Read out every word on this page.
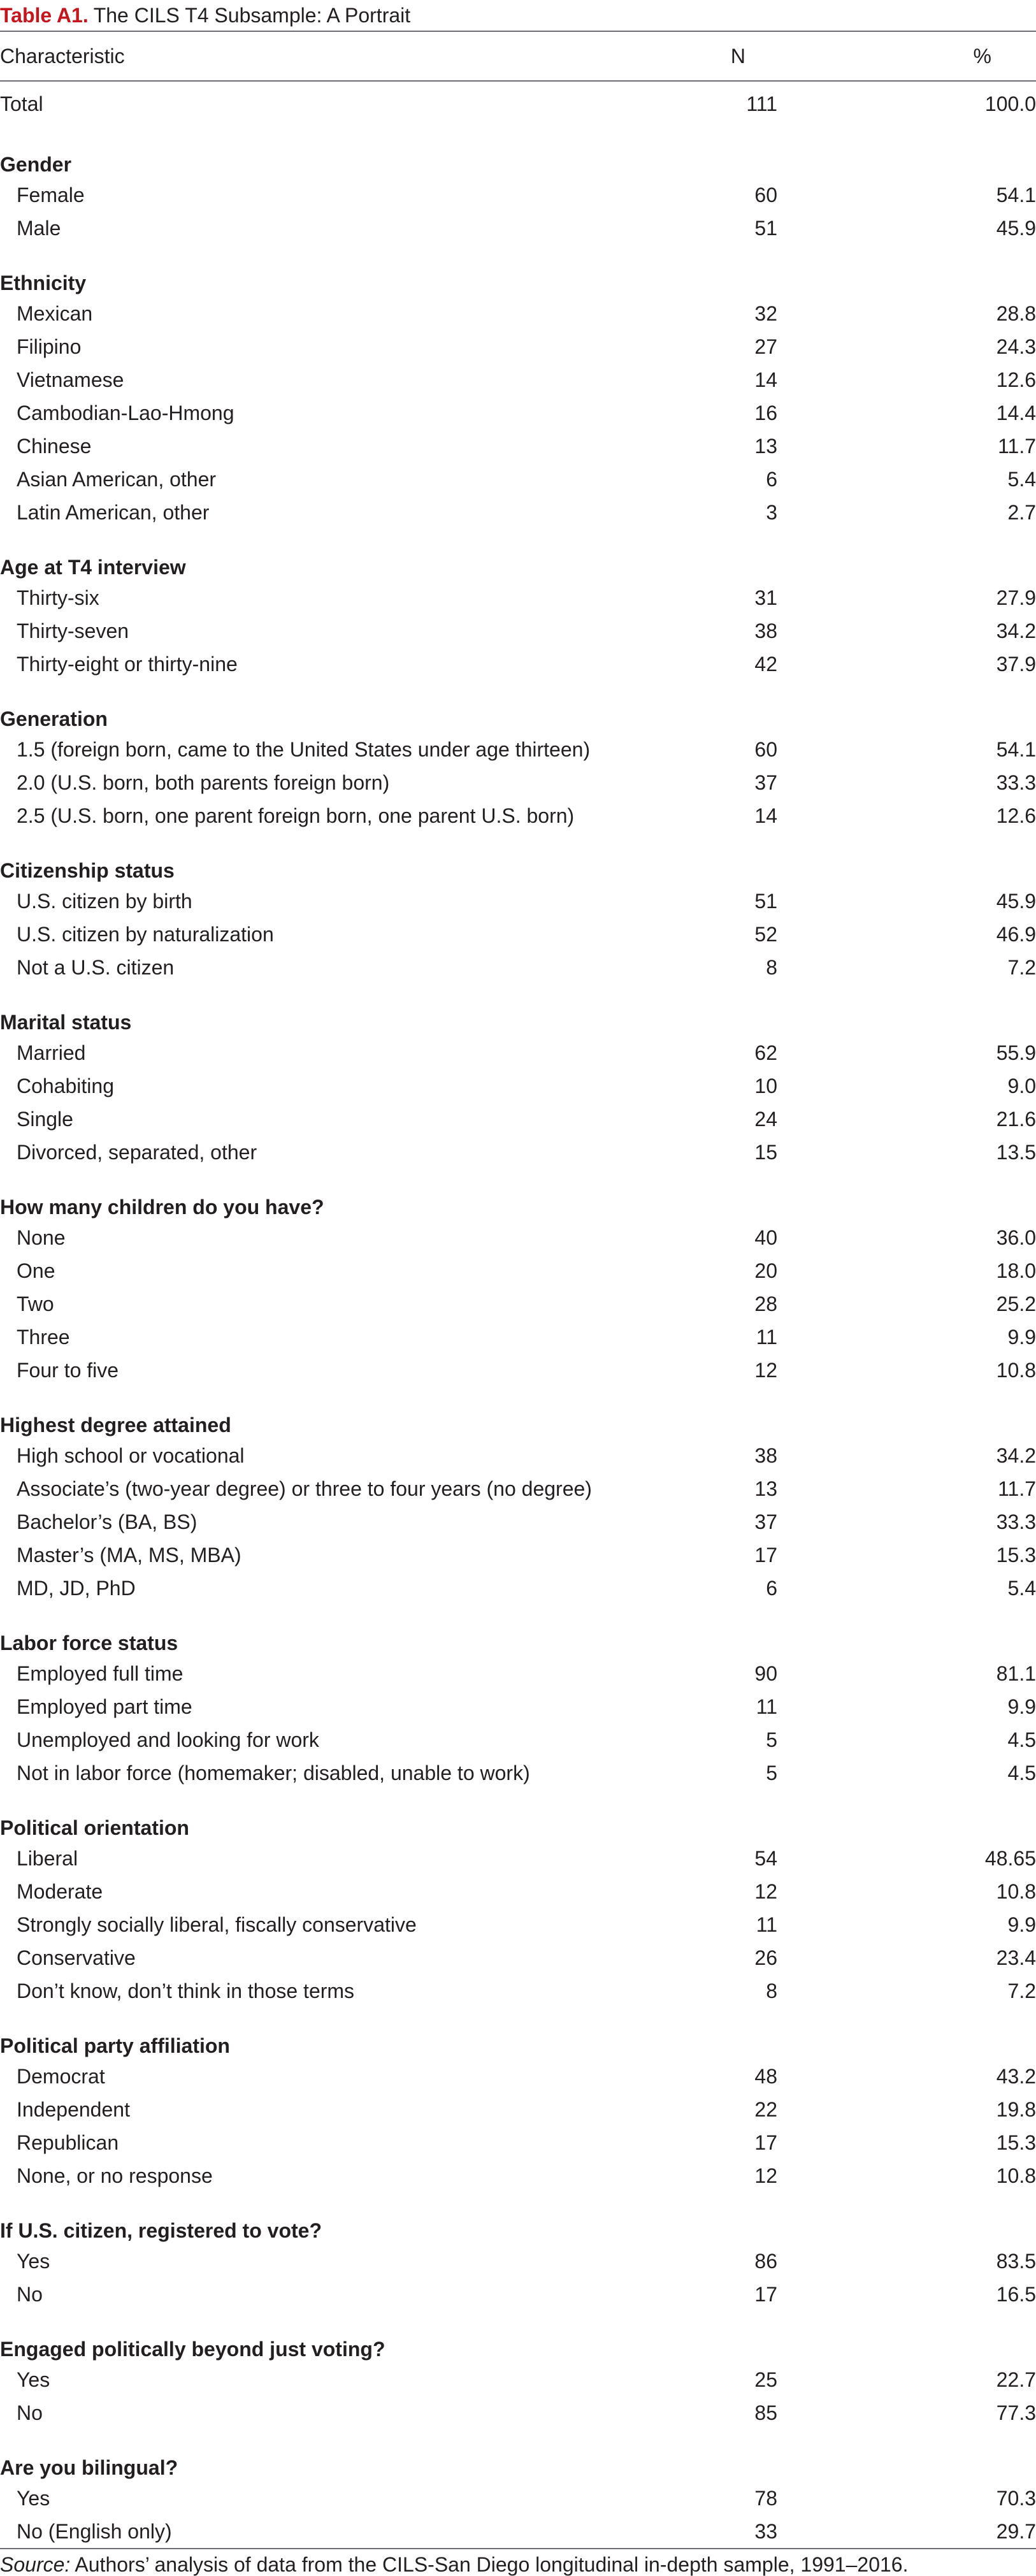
Table A1. The CILS T4 Subsample: A Portrait
Characteristic	N	%
Total	111	100.0
Gender
Female	60	54.1
Male	51	45.9
Ethnicity
Mexican	32	28.8
Filipino	27	24.3
Vietnamese	14	12.6
Cambodian-Lao-Hmong	16	14.4
Chinese	13	11.7
Asian American, other	6	5.4
Latin American, other	3	2.7
Age at T4 interview
Thirty-six	31	27.9
Thirty-seven	38	34.2
Thirty-eight or thirty-nine	42	37.9
Generation
1.5 (foreign born, came to the United States under age thirteen)	60	54.1
2.0 (U.S. born, both parents foreign born)	37	33.3
2.5 (U.S. born, one parent foreign born, one parent U.S. born)	14	12.6
Citizenship status
U.S. citizen by birth	51	45.9
U.S. citizen by naturalization	52	46.9
Not a U.S. citizen	8	7.2
Marital status
Married	62	55.9
Cohabiting	10	9.0
Single	24	21.6
Divorced, separated, other	15	13.5
How many children do you have?
None	40	36.0
One	20	18.0
Two	28	25.2
Three	11	9.9
Four to five	12	10.8
Highest degree attained
High school or vocational	38	34.2
Associate’s (two-year degree) or three to four years (no degree)	13	11.7
Bachelor’s (BA, BS)	37	33.3
Master’s (MA, MS, MBA)	17	15.3
MD, JD, PhD	6	5.4
Labor force status
Employed full time	90	81.1
Employed part time	11	9.9
Unemployed and looking for work	5	4.5
Not in labor force (homemaker; disabled, unable to work)	5	4.5
Political orientation
Liberal	54	48.65
Moderate	12	10.8
Strongly socially liberal, fiscally conservative	11	9.9
Conservative	26	23.4
Don’t know, don’t think in those terms	8	7.2
Political party affiliation
Democrat	48	43.2
Independent	22	19.8
Republican	17	15.3
None, or no response	12	10.8
If U.S. citizen, registered to vote?
Yes	86	83.5
No	17	16.5
Engaged politically beyond just voting?
Yes	25	22.7
No	85	77.3
Are you bilingual?
Yes	78	70.3
No (English only)	33	29.7
Source: Authors’ analysis of data from the CILS-San Diego longitudinal in-depth sample, 1991–2016.
